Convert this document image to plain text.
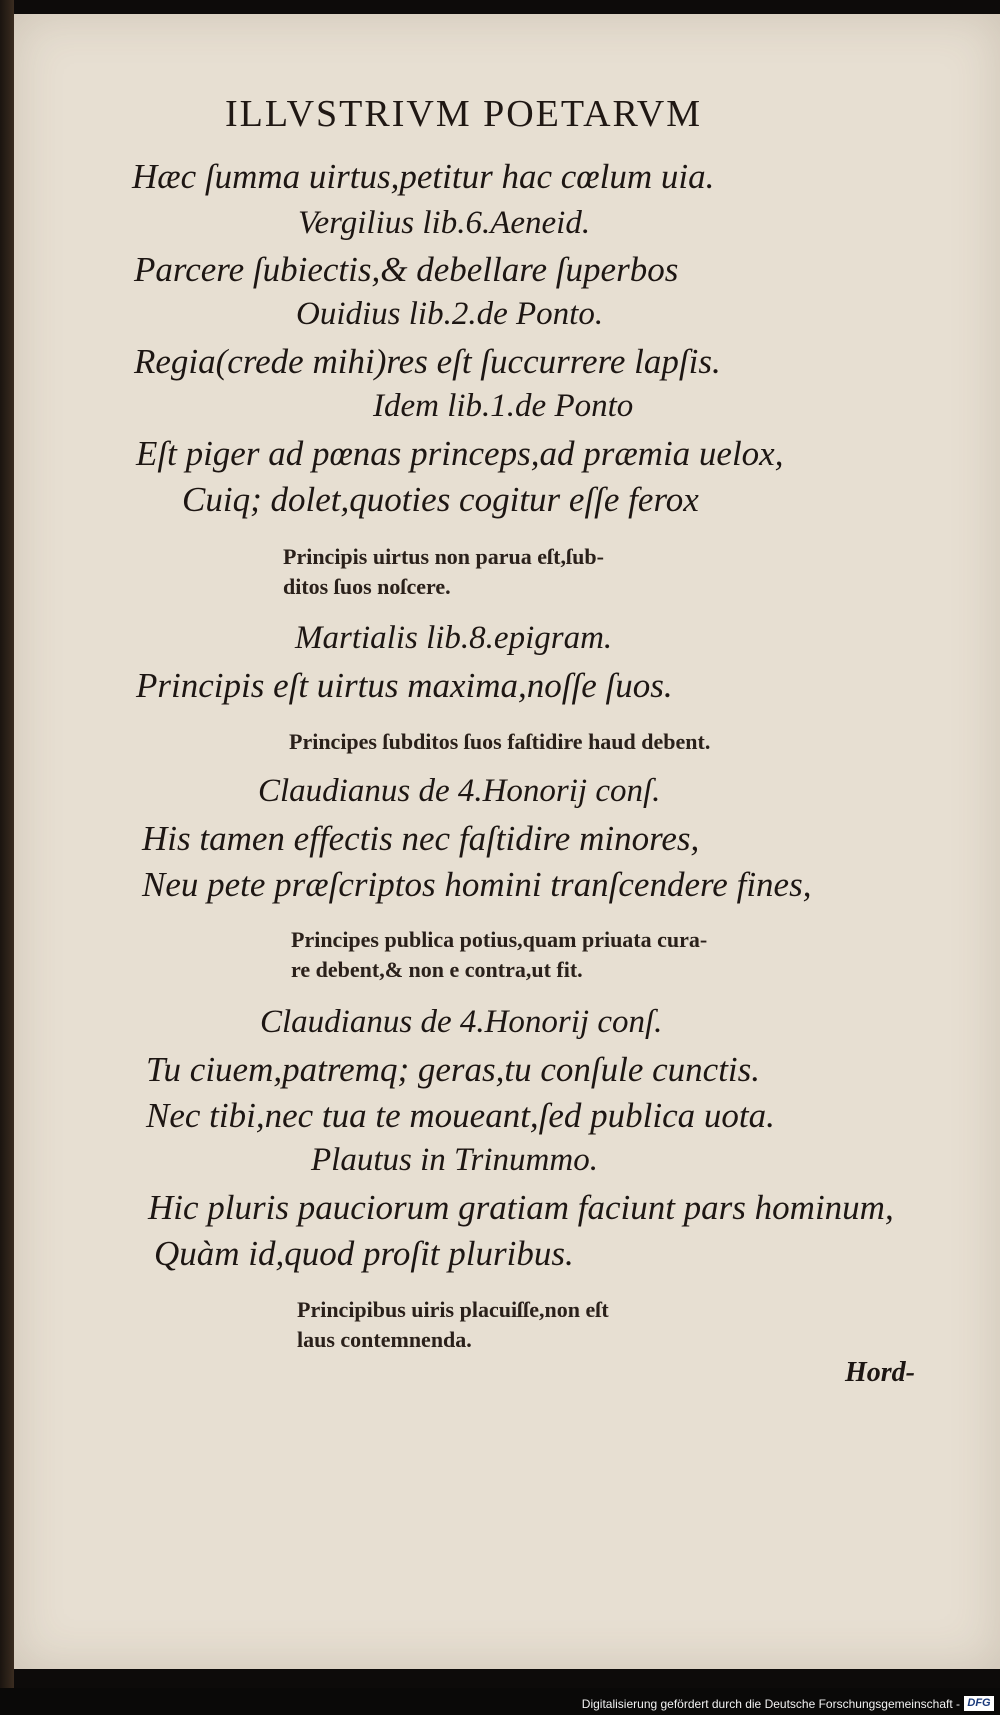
ILLVSTRIVM POETARVM
Hæc ſumma uirtus,petitur hac cœlum uia.
Vergilius lib.6.Aeneid.
Parcere ſubiectis,& debellare ſuperbos
Ouidius lib.2.de Ponto.
Regia(crede mihi)res eſt ſuccurrere lapſis.
Idem lib.1.de Ponto
Eſt piger ad pœnas princeps,ad præmia uelox,
Cuiq; dolet,quoties cogitur eſſe ferox
Principis uirtus non parua eſt,ſub-
ditos ſuos noſcere.
Martialis lib.8.epigram.
Principis eſt uirtus maxima,noſſe ſuos.
Principes ſubditos ſuos faſtidire haud debent.
Claudianus de 4.Honorij conſ.
His tamen effectis nec faſtidire minores,
Neu pete præſcriptos homini tranſcendere fines,
Principes publica potius,quam priuata cura-
re debent,& non e contra,ut fit.
Claudianus de 4.Honorij conſ.
Tu ciuem,patremq; geras,tu conſule cunctis.
Nec tibi,nec tua te moueant,ſed publica uota.
Plautus in Trinummo.
Hic pluris pauciorum gratiam faciunt pars hominum,
Quàm id,quod proſit pluribus.
Principibus uiris placuiſſe,non eſt
laus contemnenda.
Hord-
Digitalisierung gefördert durch die Deutsche Forschungsgemeinschaft - DFG
